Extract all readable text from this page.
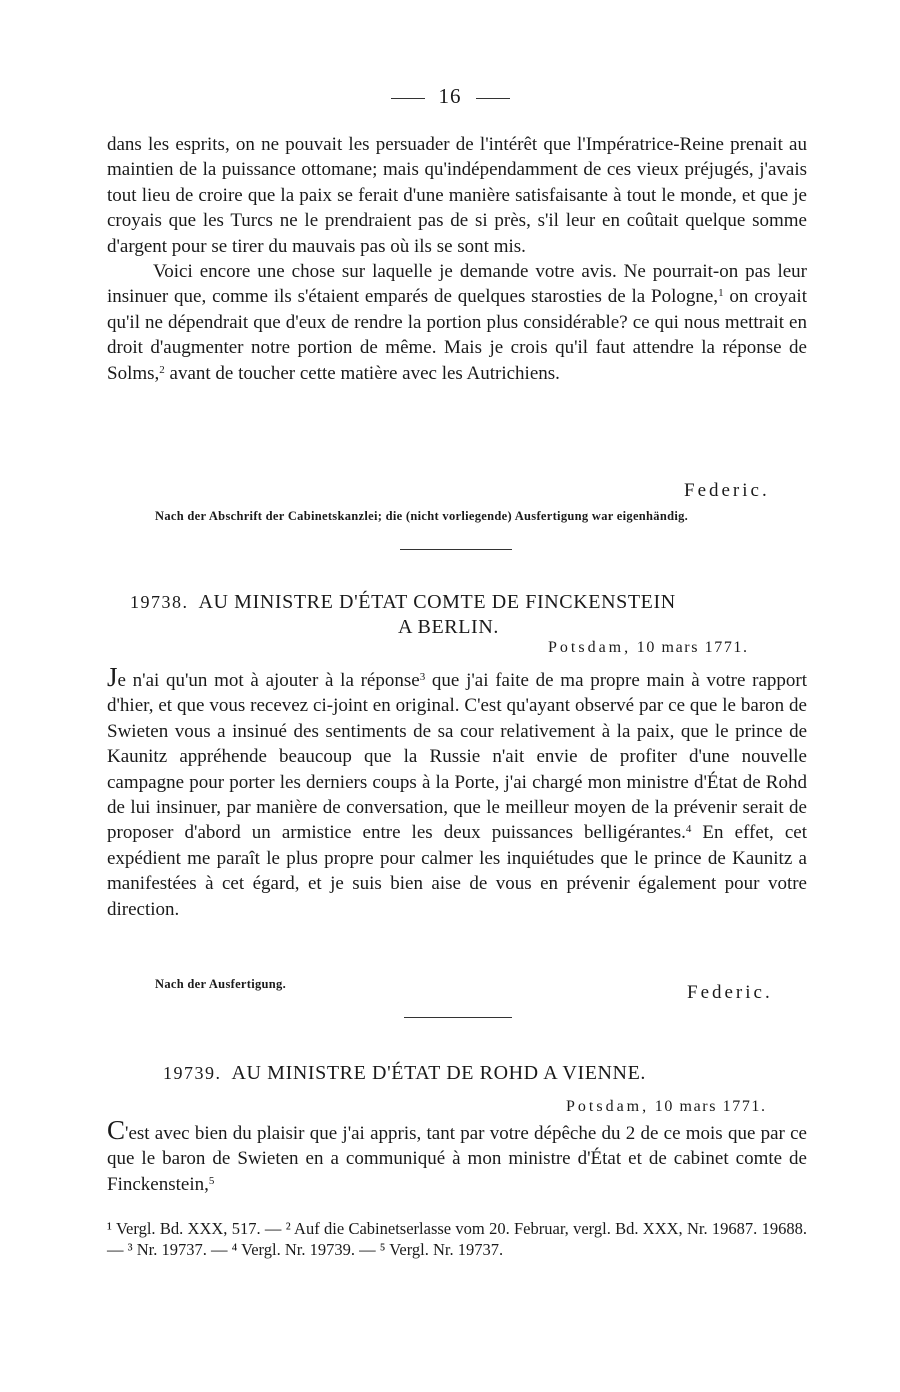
16

dans les esprits, on ne pouvait les persuader de l'intérêt que l'Impératrice-Reine prenait au maintien de la puissance ottomane; mais qu'indépendamment de ces vieux préjugés, j'avais tout lieu de croire que la paix se ferait d'une manière satisfaisante à tout le monde, et que je croyais que les Turcs ne le prendraient pas de si près, s'il leur en coûtait quelque somme d'argent pour se tirer du mauvais pas où ils se sont mis.

Voici encore une chose sur laquelle je demande votre avis. Ne pourrait-on pas leur insinuer que, comme ils s'étaient emparés de quelques starosties de la Pologne,$^1$ on croyait qu'il ne dépendrait que d'eux de rendre la portion plus considérable? ce qui nous mettrait en droit d'augmenter notre portion de même. Mais je crois qu'il faut attendre la réponse de Solms,$^2$ avant de toucher cette matière avec les Autrichiens.

Federic.
Nach der Abschrift der Cabinetskanzlei; die (nicht vorliegende) Ausfertigung war eigenhändig.
19738. AU MINISTRE D'ÉTAT COMTE DE FINCKENSTEIN
A BERLIN.
Potsdam, 10 mars 1771.

Je n'ai qu'un mot à ajouter à la réponse$^3$ que j'ai faite de ma propre main à votre rapport d'hier, et que vous recevez ci-joint en original. C'est qu'ayant observé par ce que le baron de Swieten vous a insinué des sentiments de sa cour relativement à la paix, que le prince de Kaunitz appréhende beaucoup que la Russie n'ait envie de profiter d'une nouvelle campagne pour porter les derniers coups à la Porte, j'ai chargé mon ministre d'État de Rohd de lui insinuer, par manière de conversation, que le meilleur moyen de la prévenir serait de proposer d'abord un armistice entre les deux puissances belligérantes.$^4$ En effet, cet expédient me paraît le plus propre pour calmer les inquiétudes que le prince de Kaunitz a manifestées à cet égard, et je suis bien aise de vous en prévenir également pour votre direction.

Nach der Ausfertigung.	Federic.
19739. AU MINISTRE D'ÉTAT DE ROHD A VIENNE.
Potsdam, 10 mars 1771.

C'est avec bien du plaisir que j'ai appris, tant par votre dépêche du 2 de ce mois que par ce que le baron de Swieten en a communiqué à mon ministre d'État et de cabinet comte de Finckenstein,$^5$

¹ Vergl. Bd. XXX, 517. — ² Auf die Cabinetserlasse vom 20. Februar, vergl. Bd. XXX, Nr. 19687. 19688. — ³ Nr. 19737. — ⁴ Vergl. Nr. 19739. — ⁵ Vergl. Nr. 19737.
